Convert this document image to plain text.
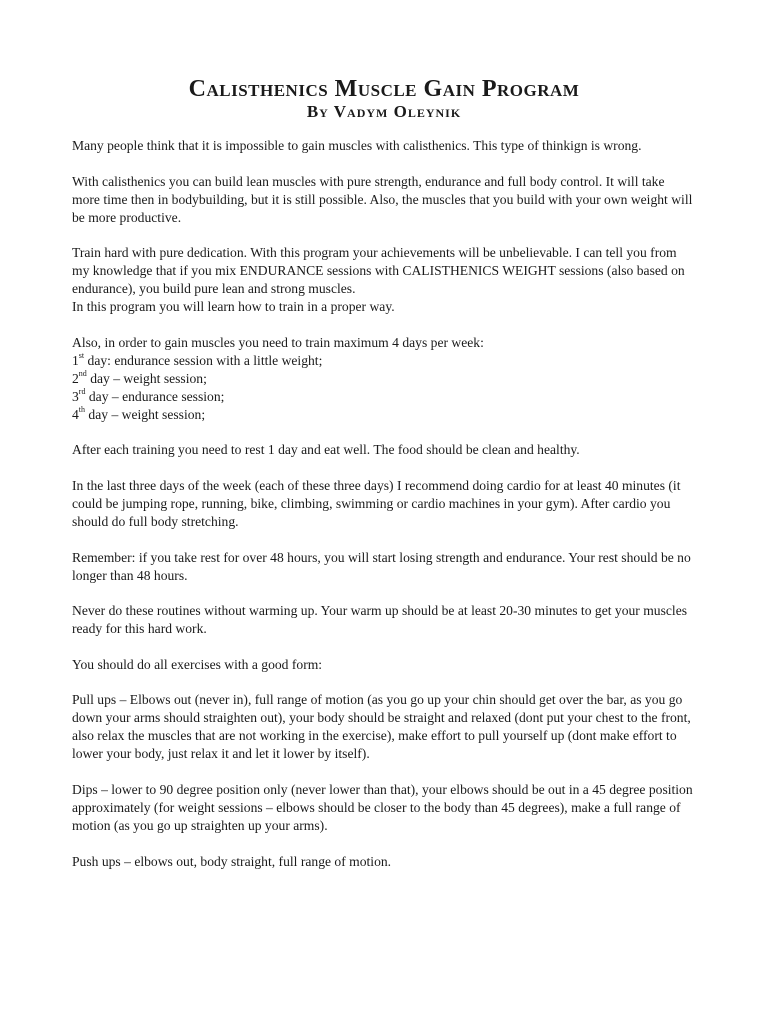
Calisthenics Muscle Gain Program
By Vadym Oleynik

Many people think that it is impossible to gain muscles with calisthenics. This type of thinkign is wrong.

With calisthenics you can build lean muscles with pure strength, endurance and full body control. It will take more time then in bodybuilding, but it is still possible. Also, the muscles that you build with your own weight will be more productive.

Train hard with pure dedication. With this program your achievements will be unbelievable. I can tell you from my knowledge that if you mix ENDURANCE sessions with CALISTHENICS WEIGHT sessions (also based on endurance), you build pure lean and strong muscles.
In this program you will learn how to train in a proper way.

Also, in order to gain muscles you need to train maximum 4 days per week:
1st day: endurance session with a little weight;
2nd day – weight session;
3rd day – endurance session;
4th day – weight session;

After each training you need to rest 1 day and eat well. The food should be clean and healthy.

In the last three days of the week (each of these three days) I recommend doing cardio for at least 40 minutes (it could be jumping rope, running, bike, climbing, swimming or cardio machines in your gym). After cardio you should do full body stretching.

Remember: if you take rest for over 48 hours, you will start losing strength and endurance. Your rest should be no longer than 48 hours.

Never do these routines without warming up. Your warm up should be at least 20-30 minutes to get your muscles ready for this hard work.

You should do all exercises with a good form:

Pull ups – Elbows out (never in), full range of motion (as you go up your chin should get over the bar, as you go down your arms should straighten out), your body should be straight and relaxed (dont put your chest to the front, also relax the muscles that are not working in the exercise), make effort to pull yourself up (dont make effort to lower your body, just relax it and let it lower by itself).

Dips – lower to 90 degree position only (never lower than that), your elbows should be out in a 45 degree position approximately (for weight sessions – elbows should be closer to the body than 45 degrees), make a full range of motion (as you go up straighten up your arms).

Push ups – elbows out, body straight, full range of motion.
